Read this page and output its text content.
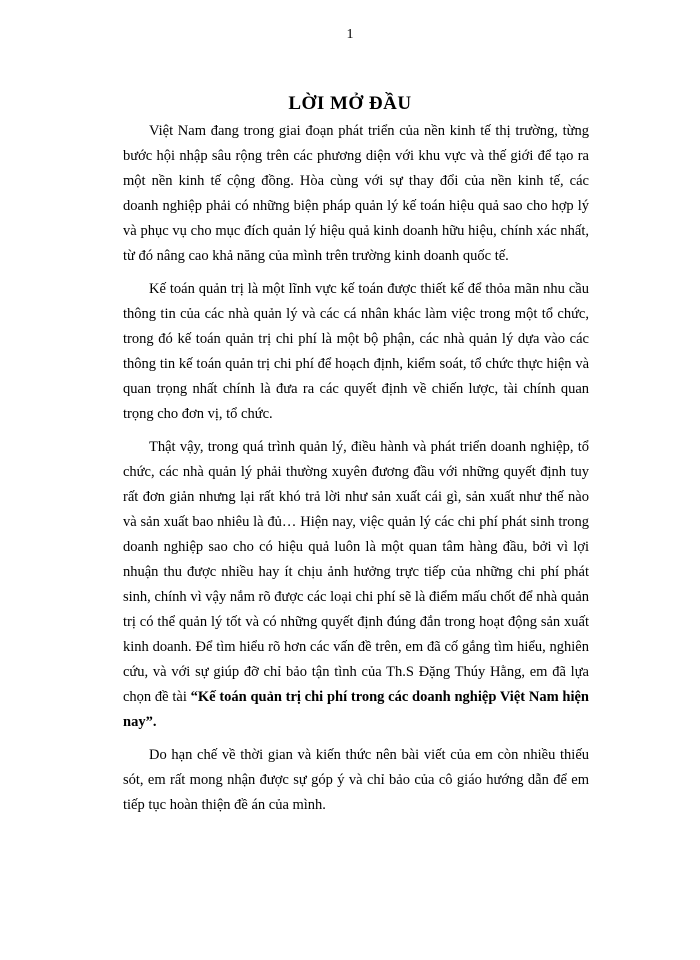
1
LỜI MỞ ĐẦU

Việt Nam đang trong giai đoạn phát triển của nền kinh tế thị trường, từng bước hội nhập sâu rộng trên các phương diện với khu vực và thế giới để tạo ra một nền kinh tế cộng đồng. Hòa cùng với sự thay đổi của nền kinh tế, các doanh nghiệp phải có những biện pháp quản lý kế toán hiệu quả sao cho hợp lý và phục vụ cho mục đích quản lý hiệu quả kinh doanh hữu hiệu, chính xác nhất, từ đó nâng cao khả năng của mình trên trường kinh doanh quốc tế.

Kế toán quản trị là một lĩnh vực kế toán được thiết kế để thỏa mãn nhu cầu thông tin của các nhà quản lý và các cá nhân khác làm việc trong một tổ chức, trong đó kế toán quản trị chi phí là một bộ phận, các nhà quản lý dựa vào các thông tin kế toán quản trị chi phí để hoạch định, kiểm soát, tổ chức thực hiện và quan trọng nhất chính là đưa ra các quyết định về chiến lược, tài chính quan trọng cho đơn vị, tổ chức.

Thật vậy, trong quá trình quản lý, điều hành và phát triển doanh nghiệp, tổ chức, các nhà quản lý phải thường xuyên đương đầu với những quyết định tuy rất đơn giản nhưng lại rất khó trả lời như sản xuất cái gì, sản xuất như thế nào và sản xuất bao nhiêu là đủ… Hiện nay, việc quản lý các chi phí phát sinh trong doanh nghiệp sao cho có hiệu quả luôn là một quan tâm hàng đầu, bởi vì lợi nhuận thu được nhiều hay ít chịu ảnh hưởng trực tiếp của những chi phí phát sinh, chính vì vậy nắm rõ được các loại chi phí sẽ là điểm mấu chốt để nhà quản trị có thể quản lý tốt và có những quyết định đúng đắn trong hoạt động sản xuất kinh doanh. Để tìm hiểu rõ hơn các vấn đề trên, em đã cố gắng tìm hiểu, nghiên cứu, và với sự giúp đỡ chỉ bảo tận tình của Th.S Đặng Thúy Hằng, em đã lựa chọn đề tài “Kế toán quản trị chi phí trong các doanh nghiệp Việt Nam hiện nay”.

Do hạn chế về thời gian và kiến thức nên bài viết của em còn nhiều thiếu sót, em rất mong nhận được sự góp ý và chỉ bảo của cô giáo hướng dẫn để em tiếp tục hoàn thiện đề án của mình.
